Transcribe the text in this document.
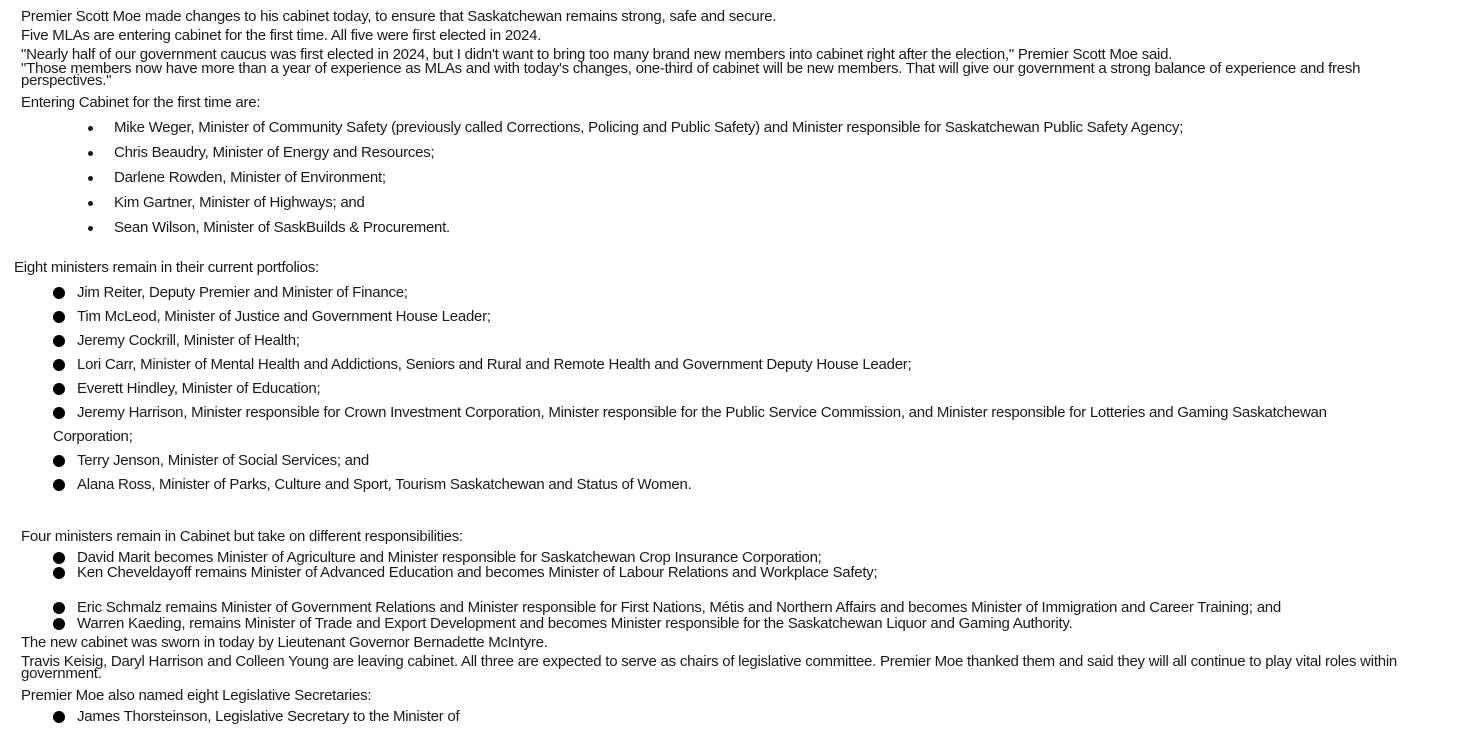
Premier Scott Moe made changes to his cabinet today, to ensure that Saskatchewan remains strong, safe and secure.
Five MLAs are entering cabinet for the first time. All five were first elected in 2024.
"Nearly half of our government caucus was first elected in 2024, but I didn't want to bring too many brand new members into cabinet right after the election," Premier Scott Moe said.
"Those members now have more than a year of experience as MLAs and with today's changes, one-third of cabinet will be new members. That will give our government a strong balance of experience and fresh perspectives."
Entering Cabinet for the first time are:
Mike Weger, Minister of Community Safety (previously called Corrections, Policing and Public Safety) and Minister responsible for Saskatchewan Public Safety Agency;
Chris Beaudry, Minister of Energy and Resources;
Darlene Rowden, Minister of Environment;
Kim Gartner, Minister of Highways; and
Sean Wilson, Minister of SaskBuilds & Procurement.
Eight ministers remain in their current portfolios:
Jim Reiter, Deputy Premier and Minister of Finance;
Tim McLeod, Minister of Justice and Government House Leader;
Jeremy Cockrill, Minister of Health;
Lori Carr, Minister of Mental Health and Addictions, Seniors and Rural and Remote Health and Government Deputy House Leader;
Everett Hindley, Minister of Education;
Jeremy Harrison, Minister responsible for Crown Investment Corporation, Minister responsible for the Public Service Commission, and Minister responsible for Lotteries and Gaming Saskatchewan
Corporation;
Terry Jenson, Minister of Social Services; and
Alana Ross, Minister of Parks, Culture and Sport, Tourism Saskatchewan and Status of Women.
Four ministers remain in Cabinet but take on different responsibilities:
David Marit becomes Minister of Agriculture and Minister responsible for Saskatchewan Crop Insurance Corporation;
Ken Cheveldayoff remains Minister of Advanced Education and becomes Minister of Labour Relations and Workplace Safety;
Eric Schmalz remains Minister of Government Relations and Minister responsible for First Nations, Métis and Northern Affairs and becomes Minister of Immigration and Career Training; and
Warren Kaeding, remains Minister of Trade and Export Development and becomes Minister responsible for the Saskatchewan Liquor and Gaming Authority.
The new cabinet was sworn in today by Lieutenant Governor Bernadette McIntyre.
Travis Keisig, Daryl Harrison and Colleen Young are leaving cabinet. All three are expected to serve as chairs of legislative committee. Premier Moe thanked them and said they will all continue to play vital roles within government.
Premier Moe also named eight Legislative Secretaries:
James Thorsteinson, Legislative Secretary to the Minister of
